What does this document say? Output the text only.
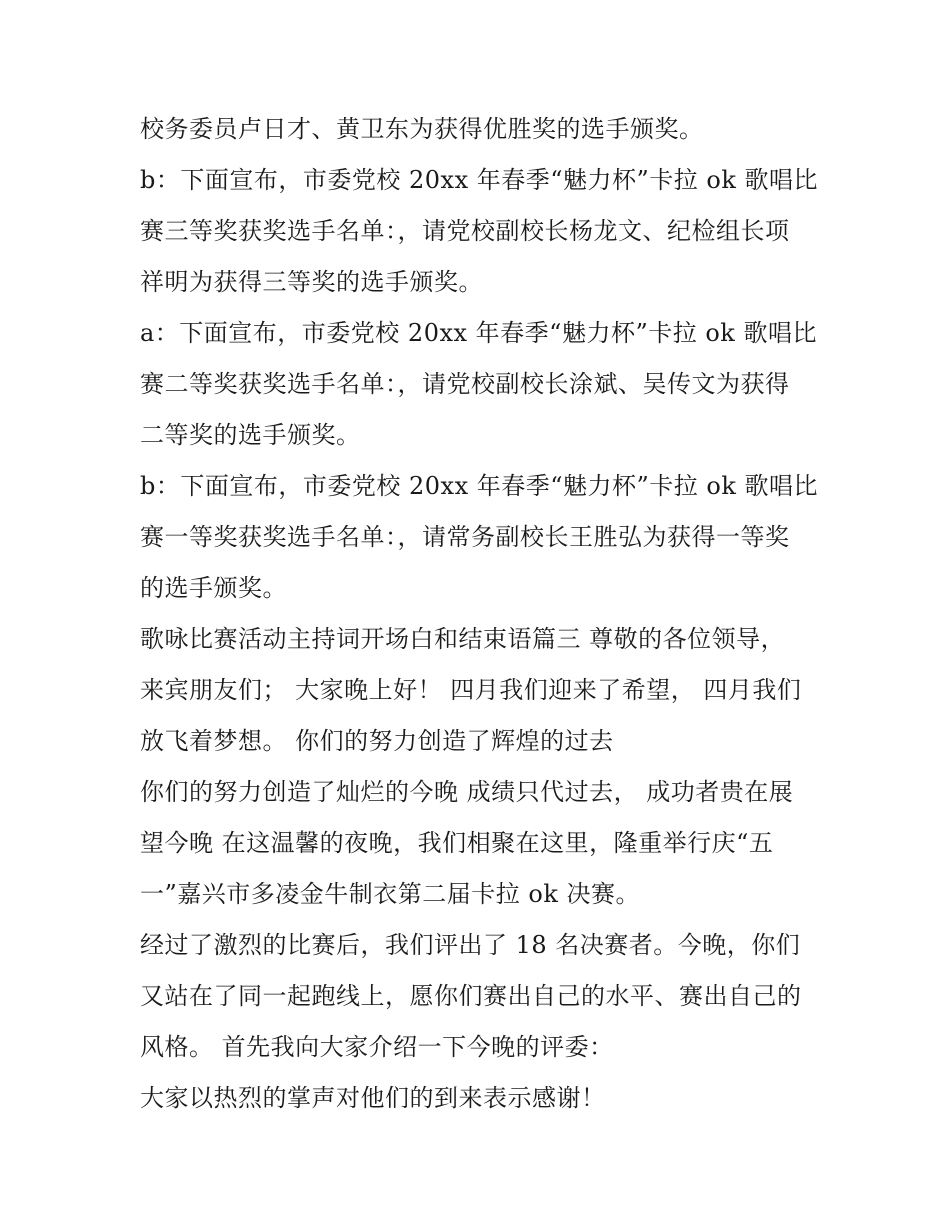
校务委员卢日才、黄卫东为获得优胜奖的选手颁奖。
b：下面宣布，市委党校 20xx 年春季“魅力杯”卡拉 ok 歌唱比
赛三等奖获奖选手名单：，请党校副校长杨龙文、纪检组长项
祥明为获得三等奖的选手颁奖。
a：下面宣布，市委党校 20xx 年春季“魅力杯”卡拉 ok 歌唱比
赛二等奖获奖选手名单：，请党校副校长涂斌、吴传文为获得
二等奖的选手颁奖。
b：下面宣布，市委党校 20xx 年春季“魅力杯”卡拉 ok 歌唱比
赛一等奖获奖选手名单：，请常务副校长王胜弘为获得一等奖
的选手颁奖。
歌咏比赛活动主持词开场白和结束语篇三 尊敬的各位领导，
来宾朋友们； 大家晚上好！ 四月我们迎来了希望， 四月我们
放飞着梦想。 你们的努力创造了辉煌的过去
你们的努力创造了灿烂的今晚 成绩只代过去， 成功者贵在展
望今晚 在这温馨的夜晚，我们相聚在这里，隆重举行庆“五
一”嘉兴市多凌金牛制衣第二届卡拉 ok 决赛。
经过了激烈的比赛后，我们评出了 18 名决赛者。今晚，你们
又站在了同一起跑线上，愿你们赛出自己的水平、赛出自己的
风格。 首先我向大家介绍一下今晚的评委：
大家以热烈的掌声对他们的到来表示感谢！
